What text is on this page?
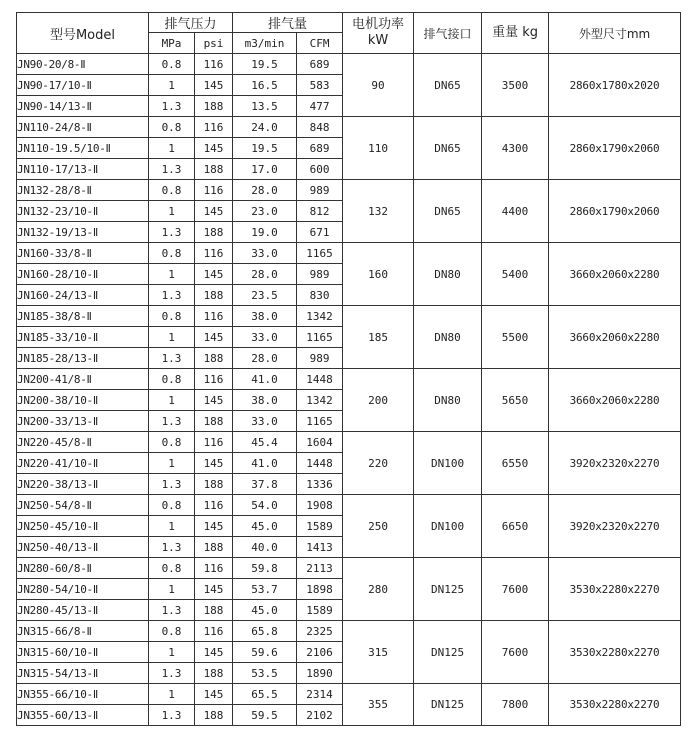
型号Model	排气压力		排气量		电机功率 kW	排气接口	重量 kg	外型尺寸mm
	MPa	psi	m3/min	CFM				
JN90-20/8-Ⅱ	0.8	116	19.5	689	90	DN65	3500	2860x1780x2020
JN90-17/10-Ⅱ	1	145	16.5	583				
JN90-14/13-Ⅱ	1.3	188	13.5	477				
JN110-24/8-Ⅱ	0.8	116	24.0	848	110	DN65	4300	2860x1790x2060
JN110-19.5/10-Ⅱ	1	145	19.5	689				
JN110-17/13-Ⅱ	1.3	188	17.0	600				
JN132-28/8-Ⅱ	0.8	116	28.0	989	132	DN65	4400	2860x1790x2060
JN132-23/10-Ⅱ	1	145	23.0	812				
JN132-19/13-Ⅱ	1.3	188	19.0	671				
JN160-33/8-Ⅱ	0.8	116	33.0	1165	160	DN80	5400	3660x2060x2280
JN160-28/10-Ⅱ	1	145	28.0	989				
JN160-24/13-Ⅱ	1.3	188	23.5	830				
JN185-38/8-Ⅱ	0.8	116	38.0	1342	185	DN80	5500	3660x2060x2280
JN185-33/10-Ⅱ	1	145	33.0	1165				
JN185-28/13-Ⅱ	1.3	188	28.0	989				
JN200-41/8-Ⅱ	0.8	116	41.0	1448	200	DN80	5650	3660x2060x2280
JN200-38/10-Ⅱ	1	145	38.0	1342				
JN200-33/13-Ⅱ	1.3	188	33.0	1165				
JN220-45/8-Ⅱ	0.8	116	45.4	1604	220	DN100	6550	3920x2320x2270
JN220-41/10-Ⅱ	1	145	41.0	1448				
JN220-38/13-Ⅱ	1.3	188	37.8	1336				
JN250-54/8-Ⅱ	0.8	116	54.0	1908	250	DN100	6650	3920x2320x2270
JN250-45/10-Ⅱ	1	145	45.0	1589				
JN250-40/13-Ⅱ	1.3	188	40.0	1413				
JN280-60/8-Ⅱ	0.8	116	59.8	2113	280	DN125	7600	3530x2280x2270
JN280-54/10-Ⅱ	1	145	53.7	1898				
JN280-45/13-Ⅱ	1.3	188	45.0	1589				
JN315-66/8-Ⅱ	0.8	116	65.8	2325	315	DN125	7600	3530x2280x2270
JN315-60/10-Ⅱ	1	145	59.6	2106				
JN315-54/13-Ⅱ	1.3	188	53.5	1890				
JN355-66/10-Ⅱ	1	145	65.5	2314	355	DN125	7800	3530x2280x2270
JN355-60/13-Ⅱ	1.3	188	59.5	2102				
